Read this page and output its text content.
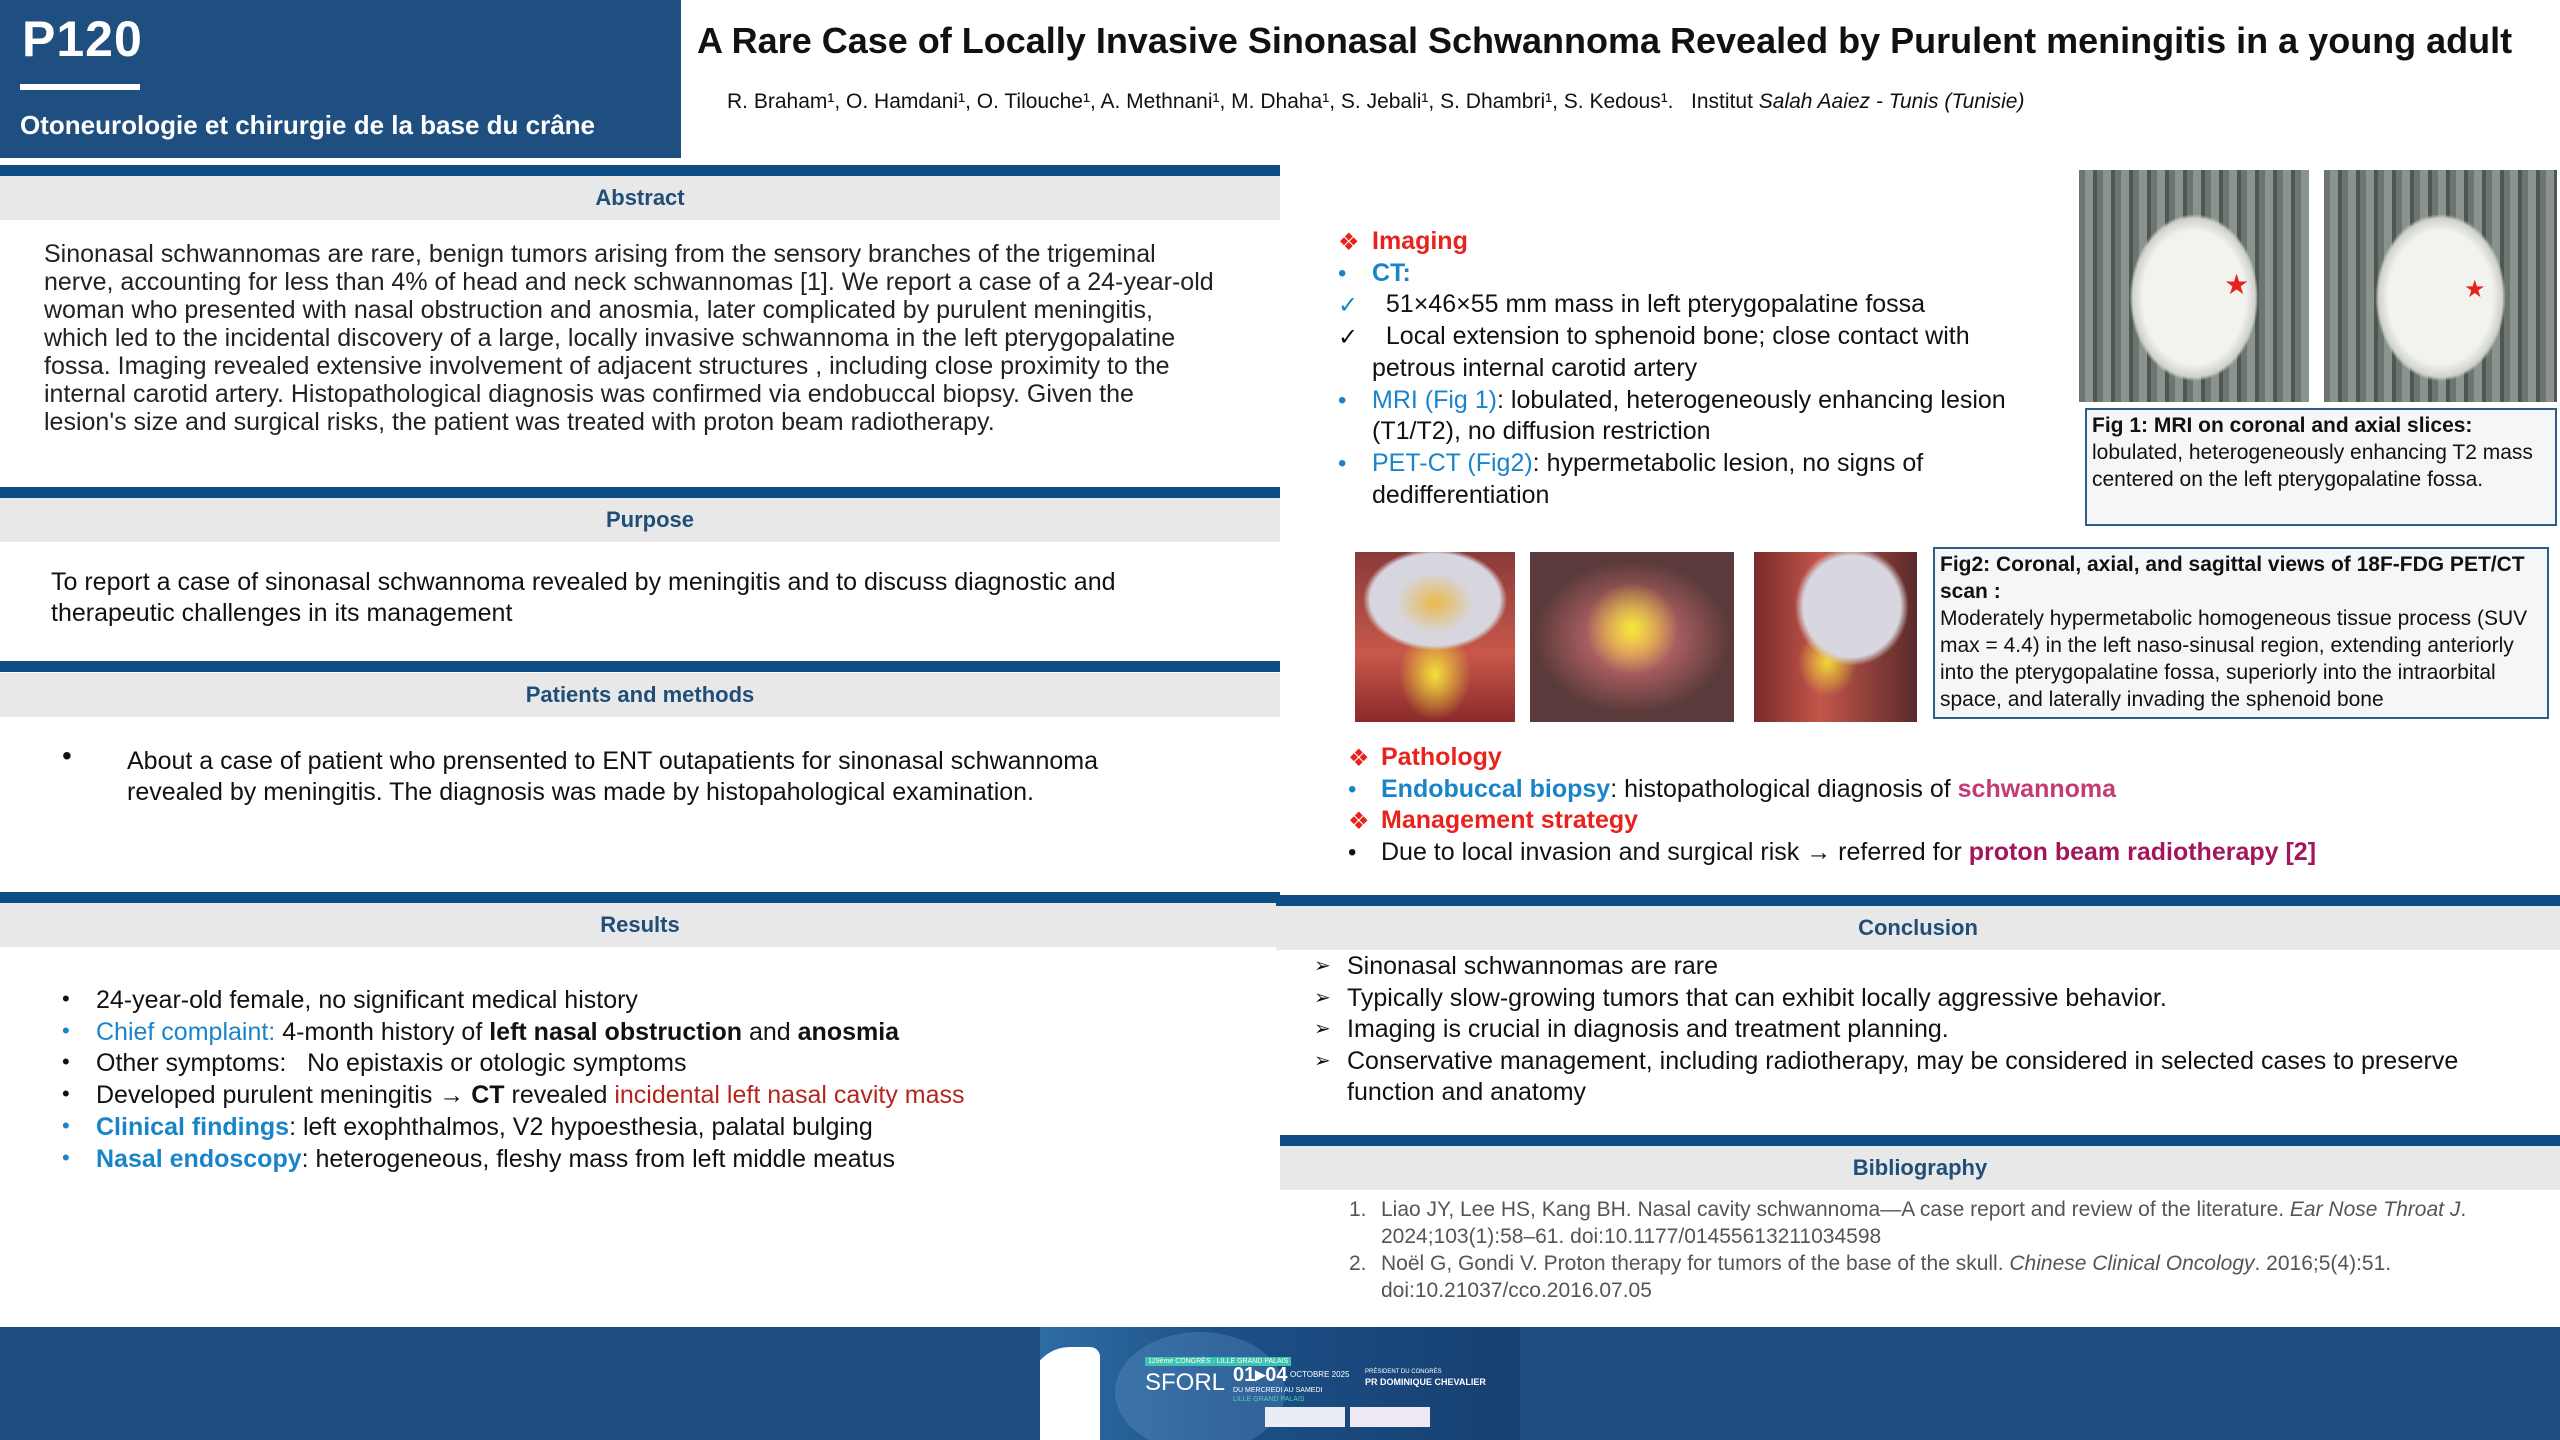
P120
Otoneurologie et chirurgie de la base du crâne
A Rare Case of Locally Invasive Sinonasal Schwannoma Revealed by Purulent meningitis in a young adult
R. Braham¹, O. Hamdani¹, O. Tilouche¹, A. Methnani¹, M. Dhaha¹, S. Jebali¹, S. Dhambri¹, S. Kedous¹. Institut Salah Aaiez - Tunis (Tunisie)
Abstract
Sinonasal schwannomas are rare, benign tumors arising from the sensory branches of the trigeminal nerve, accounting for less than 4% of head and neck schwannomas [1]. We report a case of a 24-year-old woman who presented with nasal obstruction and anosmia, later complicated by purulent meningitis, which led to the incidental discovery of a large, locally invasive schwannoma in the left pterygopalatine fossa. Imaging revealed extensive involvement of adjacent structures , including close proximity to the internal carotid artery. Histopathological diagnosis was confirmed via endobuccal biopsy. Given the lesion's size and surgical risks, the patient was treated with proton beam radiotherapy.
Purpose
To report a case of sinonasal schwannoma revealed by meningitis and to discuss diagnostic and therapeutic challenges in its management
Patients and methods
• About a case of patient who prensented to ENT outapatients for sinonasal schwannoma revealed by meningitis. The diagnosis was made by histopahological examination.
Results
• 24-year-old female, no significant medical history
• Chief complaint: 4-month history of left nasal obstruction and anosmia
• Other symptoms:   No epistaxis or otologic symptoms
• Developed purulent meningitis → CT revealed incidental left nasal cavity mass
• Clinical findings: left exophthalmos, V2 hypoesthesia, palatal bulging
• Nasal endoscopy: heterogeneous, fleshy mass from left middle meatus
❖ Imaging
• CT:
✓ 51×46×55 mm mass in left pterygopalatine fossa
✓ Local extension to sphenoid bone; close contact with
petrous internal carotid artery
• MRI (Fig 1): lobulated, heterogeneously enhancing lesion
(T1/T2), no diffusion restriction
• PET-CT (Fig2): hypermetabolic lesion, no signs of
dedifferentiation
★	★
Fig 1: MRI on coronal and axial slices:
lobulated, heterogeneously enhancing T2 mass centered on the left pterygopalatine fossa.
Fig2: Coronal, axial, and sagittal views of 18F-FDG PET/CT scan :
Moderately hypermetabolic homogeneous tissue process (SUV max = 4.4) in the left naso-sinusal region, extending anteriorly into the pterygopalatine fossa, superiorly into the intraorbital space, and laterally invading the sphenoid bone
❖ Pathology
• Endobuccal biopsy: histopathological diagnosis of schwannoma
❖ Management strategy
• Due to local invasion and surgical risk → referred for proton beam radiotherapy [2]
Conclusion
➢ Sinonasal schwannomas are rare
➢ Typically slow-growing tumors that can exhibit locally aggressive behavior.
➢ Imaging is crucial in diagnosis and treatment planning.
➢ Conservative management, including radiotherapy, may be considered in selected cases to preserve function and anatomy
Bibliography
1. Liao JY, Lee HS, Kang BH. Nasal cavity schwannoma—A case report and review of the literature. Ear Nose Throat J. 2024;103(1):58–61. doi:10.1177/01455613211034598
2. Noël G, Gondi V. Proton therapy for tumors of the base of the skull. Chinese Clinical Oncology. 2016;5(4):51. doi:10.21037/cco.2016.07.05
129ème CONGRÈS · LILLE GRAND PALAIS
SFORL 01▸04 OCTOBRE 2025
DU MERCREDI AU SAMEDI
LILLE GRAND PALAIS
PRÉSIDENT DU CONGRÈS
PR DOMINIQUE CHEVALIER
